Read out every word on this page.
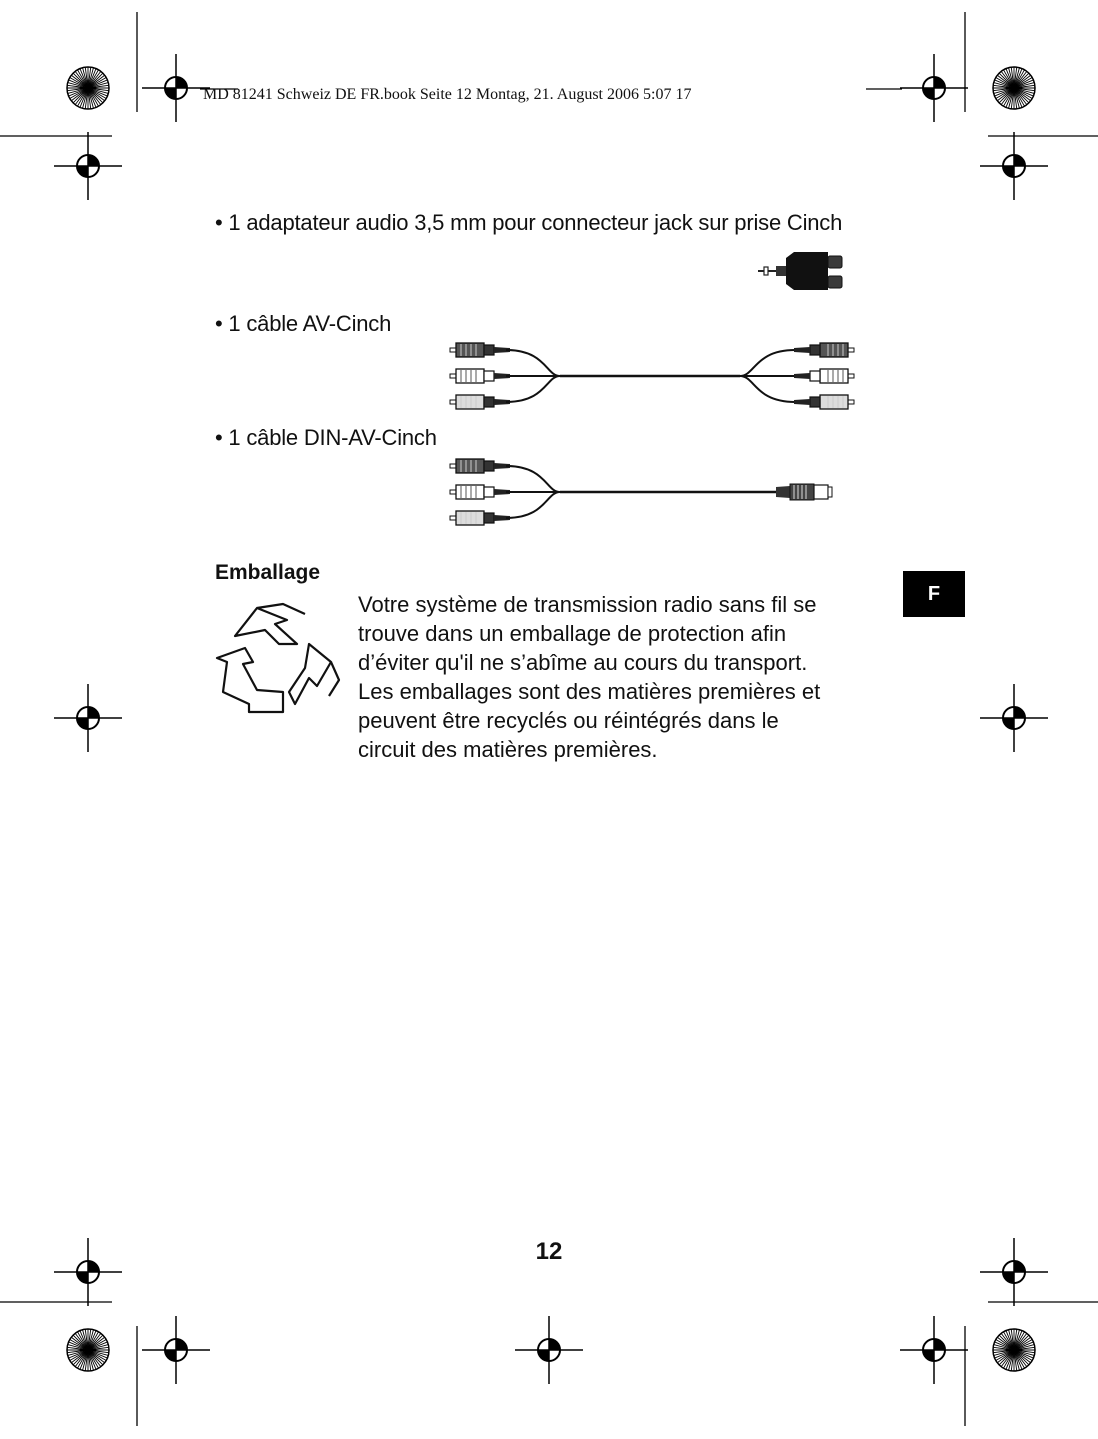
MD 81241 Schweiz DE FR.book Seite 12 Montag, 21. August 2006 5:07 17
• 1 adaptateur audio 3,5 mm pour connecteur jack sur prise Cinch
• 1 câble AV-Cinch
• 1 câble DIN-AV-Cinch
Emballage
Votre système de transmission radio sans fil se
trouve dans un emballage de protection afin
d’éviter qu'il ne s’abîme au cours du transport.
Les emballages sont des matières premières et
peuvent être recyclés ou réintégrés dans le
circuit des matières premières.
F
12
